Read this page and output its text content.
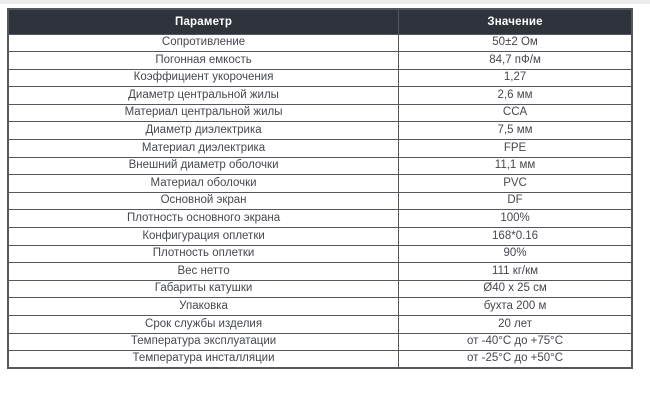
Параметр	Значение
Сопротивление	50±2 Ом
Погонная емкость	84,7 пФ/м
Коэффициент укорочения	1,27
Диаметр центральной жилы	2,6 мм
Материал центральной жилы	CCA
Диаметр диэлектрика	7,5 мм
Материал диэлектрика	FPE
Внешний диаметр оболочки	11,1 мм
Материал оболочки	PVC
Основной экран	DF
Плотность основного экрана	100%
Конфигурация оплетки	168*0.16
Плотность оплетки	90%
Вес нетто	111 кг/км
Габариты катушки	Ø40 x 25 см
Упаковка	бухта 200 м
Срок службы изделия	20 лет
Температура эксплуатации	от -40°C до +75°C
Температура инсталляции	от -25°C до +50°C
